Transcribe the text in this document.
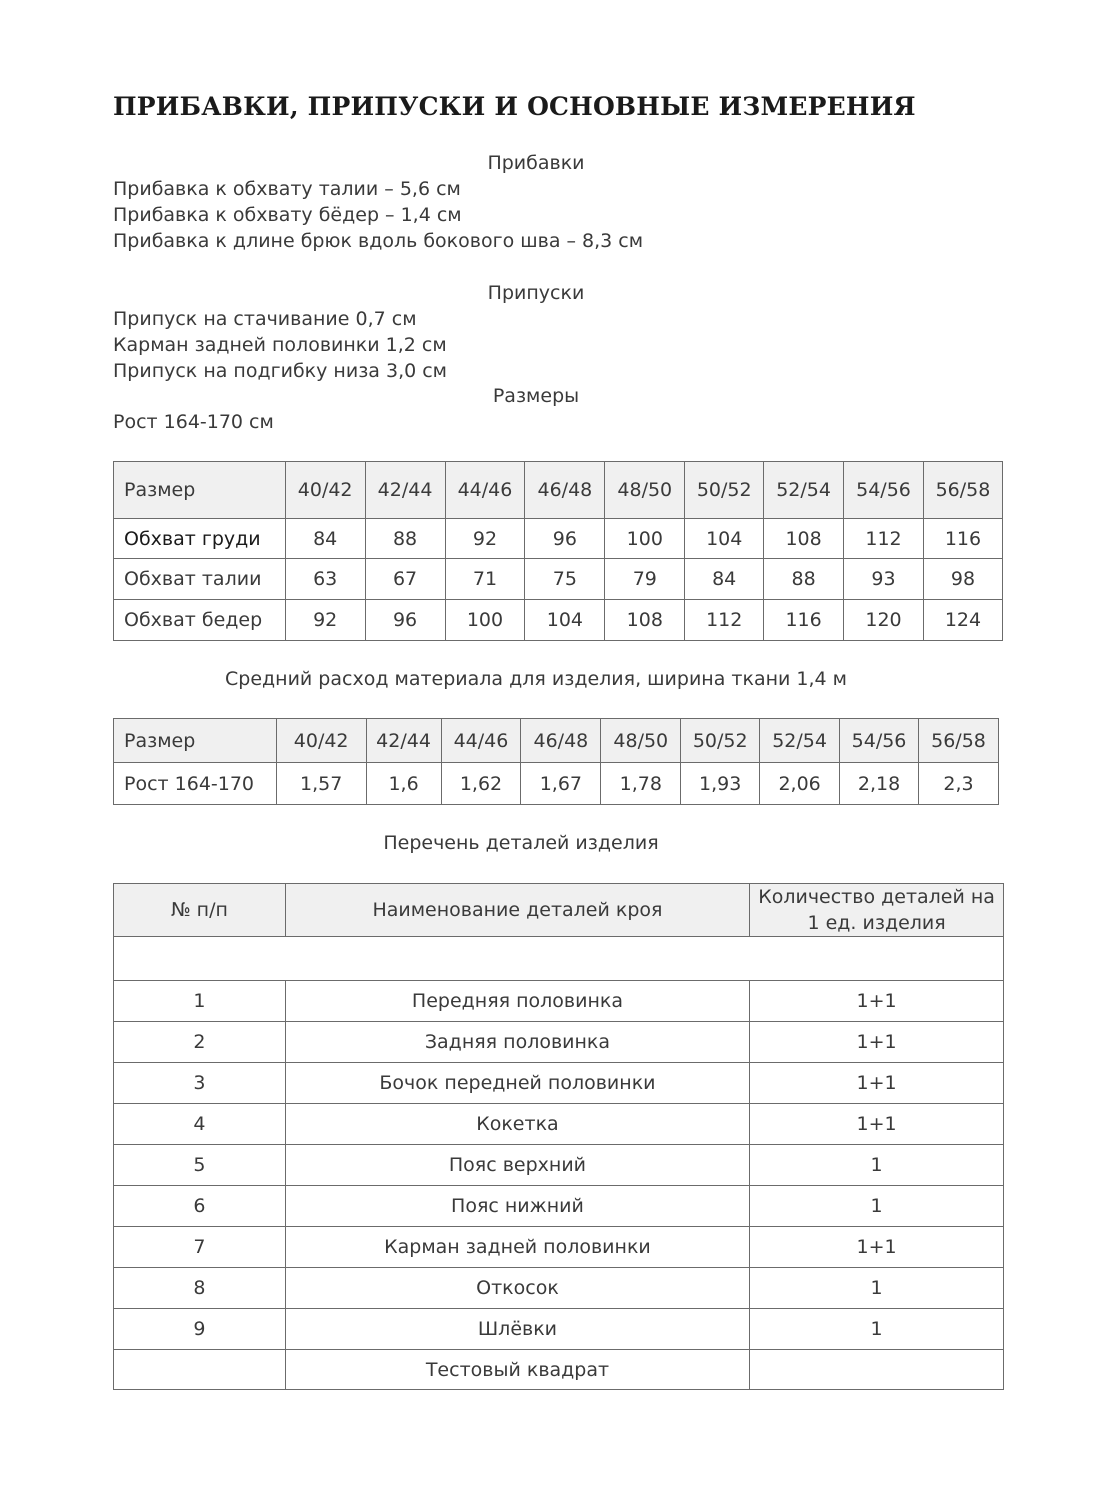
ПРИБАВКИ, ПРИПУСКИ И ОСНОВНЫЕ ИЗМЕРЕНИЯ
Прибавки
Прибавка к обхвату талии – 5,6 см
Прибавка к обхвату бёдер – 1,4 см
Прибавка к длине брюк вдоль бокового шва – 8,3 см
Припуски
Припуск на стачивание 0,7 см
Карман задней половинки 1,2 см
Припуск на подгибку низа 3,0 см
Размеры
Рост 164-170 см
Размер	40/42	42/44	44/46	46/48	48/50	50/52	52/54	54/56	56/58
Обхват груди	84	88	92	96	100	104	108	112	116
Обхват талии	63	67	71	75	79	84	88	93	98
Обхват бедер	92	96	100	104	108	112	116	120	124
Средний расход материала для изделия, ширина ткани 1,4 м
Размер	40/42	42/44	44/46	46/48	48/50	50/52	52/54	54/56	56/58
Рост 164-170	1,57	1,6	1,62	1,67	1,78	1,93	2,06	2,18	2,3
Перечень деталей изделия
№ п/п	Наименование деталей кроя	Количество деталей на 1 ед. изделия

1	Передняя половинка	1+1
2	Задняя половинка	1+1
3	Бочок передней половинки	1+1
4	Кокетка	1+1
5	Пояс верхний	1
6	Пояс нижний	1
7	Карман задней половинки	1+1
8	Откосок	1
9	Шлёвки	1
	Тестовый квадрат	
